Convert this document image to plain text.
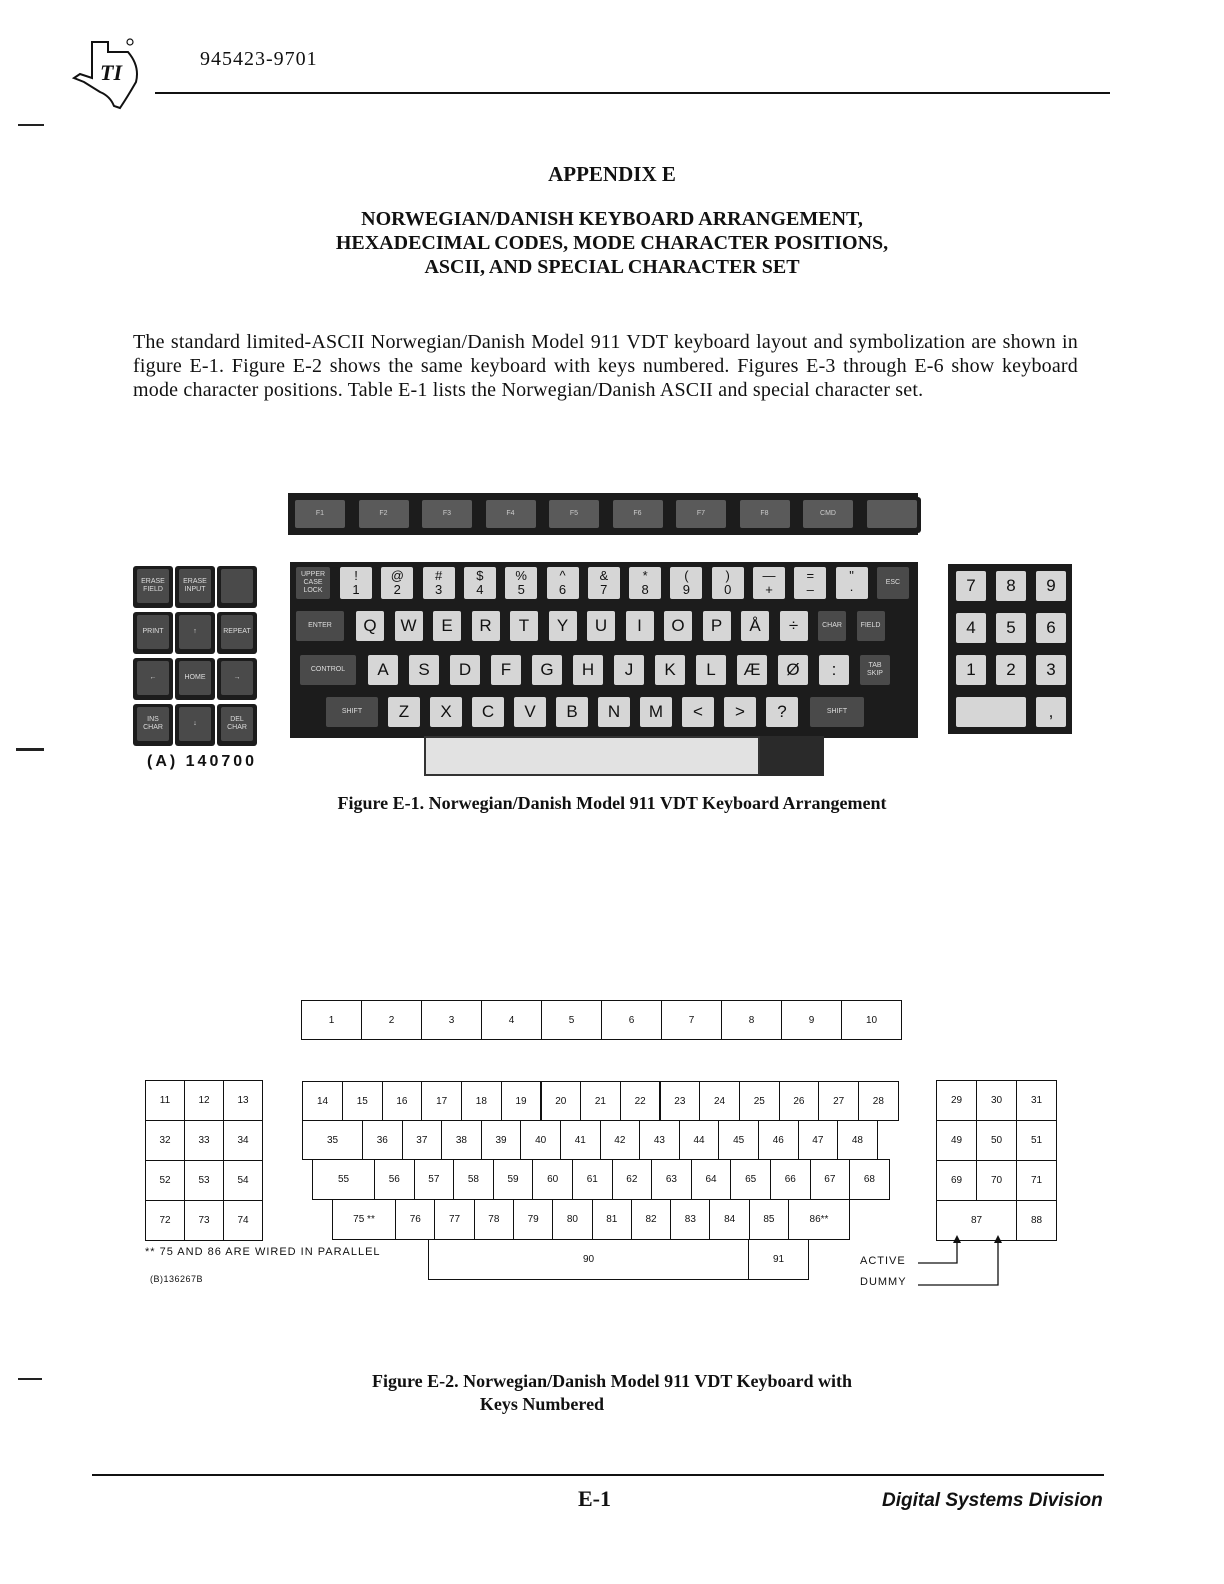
TI
945423-9701
APPENDIX E
NORWEGIAN/DANISH KEYBOARD ARRANGEMENT,
HEXADECIMAL CODES, MODE CHARACTER POSITIONS,
ASCII, AND SPECIAL CHARACTER SET
The standard limited-ASCII Norwegian/Danish Model 911 VDT keyboard layout and symbolization are shown in figure E-1. Figure E-2 shows the same keyboard with keys numbered. Figures E-3 through E-6 show keyboard mode character positions. Table E-1 lists the Norwegian/Danish ASCII and special character set.
F1	F2	F3	F4	F5	F6	F7	F8	CMD
ERASE FIELD
ERASE INPUT
PRINT	↑	REPEAT
←	HOME	→
INS CHAR
↓
DEL CHAR
UPPER CASE LOCK
!
1
@
2
#
3
$
4
%
5
^
6
&
7
*
8
(
9
)
0
—
+
=
–
"
·	ESC
ENTER Q W E R T Y U I O P Å ÷	CHAR	FIELD
CONTROL A S D F G H J K L Æ Ø :	TAB SKIP
SHIFT Z X C V B N M < > ?	SHIFT
7 8 9
4 5 6
1 2 3
,
(A) 140700
Figure E-1. Norwegian/Danish Model 911 VDT Keyboard Arrangement
1	2	3	4	5	6	7	8	9	10
11	12	13
32	33	34
52	53	54
72	73	74
14	15	16	17	18	19	20	21	22	23	24	25	26	27	28
35	36	37	38	39	40	41	42	43	44	45	46	47	48
55	56	57	58	59	60	61	62	63	64	65	66	67	68
75 **	76	77	78	79	80	81	82	83	84	85	86**
90	91
29	30	31
49	50	51
69	70	71
87	88
** 75 AND 86 ARE WIRED IN PARALLEL
(B)136267B
ACTIVE
DUMMY
Figure E-2. Norwegian/Danish Model 911 VDT Keyboard with
Keys Numbered
E-1	Digital Systems Division
